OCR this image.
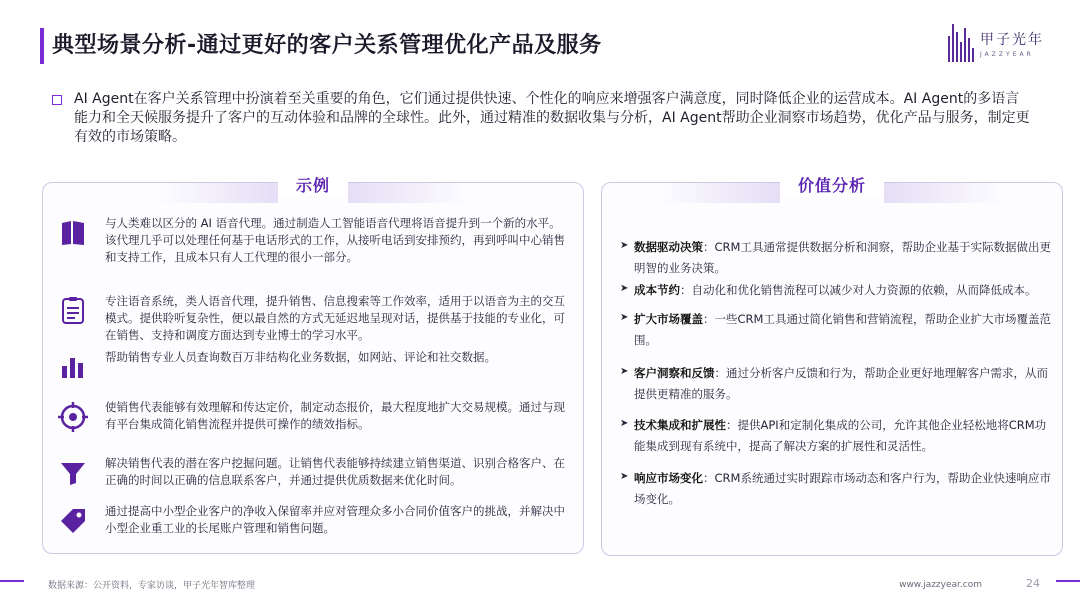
典型场景分析-通过更好的客户关系管理优化产品及服务	甲子光年
JAZZYEAR

AI Agent在客户关系管理中扮演着至关重要的角色，它们通过提供快速、个性化的响应来增强客户满意度，同时降低企业的运营成本。AI Agent的多语言能力和全天候服务提升了客户的互动体验和品牌的全球性。此外，通过精准的数据收集与分析，AI Agent帮助企业洞察市场趋势，优化产品与服务，制定更有效的市场策略。

示例
与人类难以区分的 AI 语音代理。通过制造人工智能语音代理将语音提升到一个新的水平。该代理几乎可以处理任何基于电话形式的工作，从接听电话到安排预约，再到呼叫中心销售和支持工作，且成本只有人工代理的很小一部分。
专注语音系统，类人语音代理，提升销售、信息搜索等工作效率，适用于以语音为主的交互模式。提供聆听复杂性，便以最自然的方式无延迟地呈现对话，提供基于技能的专业化，可在销售、支持和调度方面达到专业博士的学习水平。
帮助销售专业人员查询数百万非结构化业务数据，如网站、评论和社交数据。
使销售代表能够有效理解和传达定价，制定动态报价，最大程度地扩大交易规模。通过与现有平台集成简化销售流程并提供可操作的绩效指标。
解决销售代表的潜在客户挖掘问题。让销售代表能够持续建立销售渠道、识别合格客户、在正确的时间以正确的信息联系客户，并通过提供优质数据来优化时间。
通过提高中小型企业客户的净收入保留率并应对管理众多小合同价值客户的挑战，并解决中小型企业重工业的长尾账户管理和销售问题。
价值分析
➤ 数据驱动决策：CRM工具通常提供数据分析和洞察，帮助企业基于实际数据做出更明智的业务决策。

➤ 成本节约：自动化和优化销售流程可以减少对人力资源的依赖，从而降低成本。

➤ 扩大市场覆盖：一些CRM工具通过简化销售和营销流程，帮助企业扩大市场覆盖范围。

➤ 客户洞察和反馈：通过分析客户反馈和行为，帮助企业更好地理解客户需求，从而提供更精准的服务。

➤ 技术集成和扩展性：提供API和定制化集成的公司，允许其他企业轻松地将CRM功能集成到现有系统中，提高了解决方案的扩展性和灵活性。

➤ 响应市场变化：CRM系统通过实时跟踪市场动态和客户行为，帮助企业快速响应市场变化。

数据来源：公开资料，专家访谈，甲子光年智库整理	www.jazzyear.com	24
